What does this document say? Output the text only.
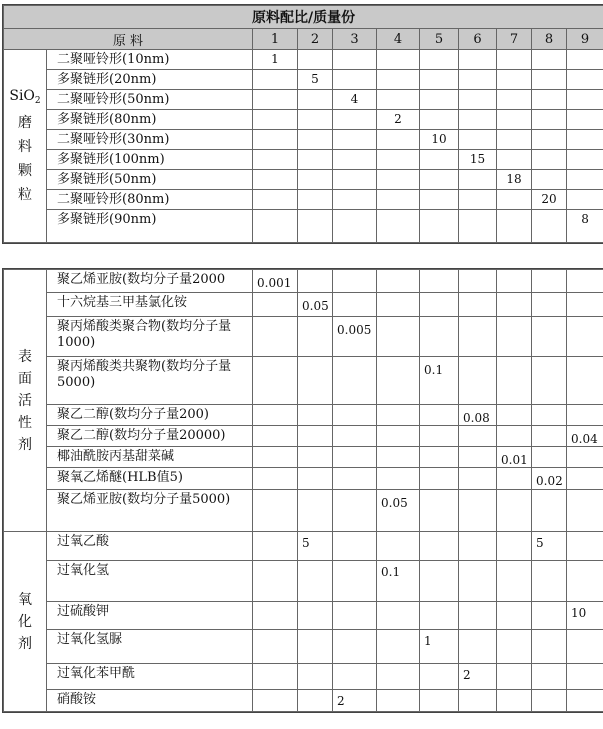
原料配比/质量份										
原 料		1	2	3	4	5	6	7	8	9

SiO$_2$
磨
料
颗
粒	二聚哑铃形(10nm)	1								
	多聚链形(20nm)		5							
	二聚哑铃形(50nm)			4						
	多聚链形(80nm)				2					
	二聚哑铃形(30nm)					10				
	多聚链形(100nm)						15			
	多聚链形(50nm)							18		
	二聚哑铃形(80nm)								20	
	多聚链形(90nm)									8
表
面
活
性
剂	聚乙烯亚胺(数均分子量2000	0.001								
	十六烷基三甲基氯化铵		0.05							
	聚丙烯酸类聚合物(数均分子量1000)			0.005						
	聚丙烯酸类共聚物(数均分子量5000)					0.1				
	聚乙二醇(数均分子量200)						0.08			
	聚乙二醇(数均分子量20000)									0.04
	椰油酰胺丙基甜菜碱							0.01		
	聚氧乙烯醚(HLB值5)								0.02	
	聚乙烯亚胺(数均分子量5000)				0.05					

氧
化
剂	过氧乙酸		5						5	
	过氧化氢				0.1					
	过硫酸钾									10
	过氧化氢脲					1				
	过氧化苯甲酰						2			
	硝酸铵			2						
